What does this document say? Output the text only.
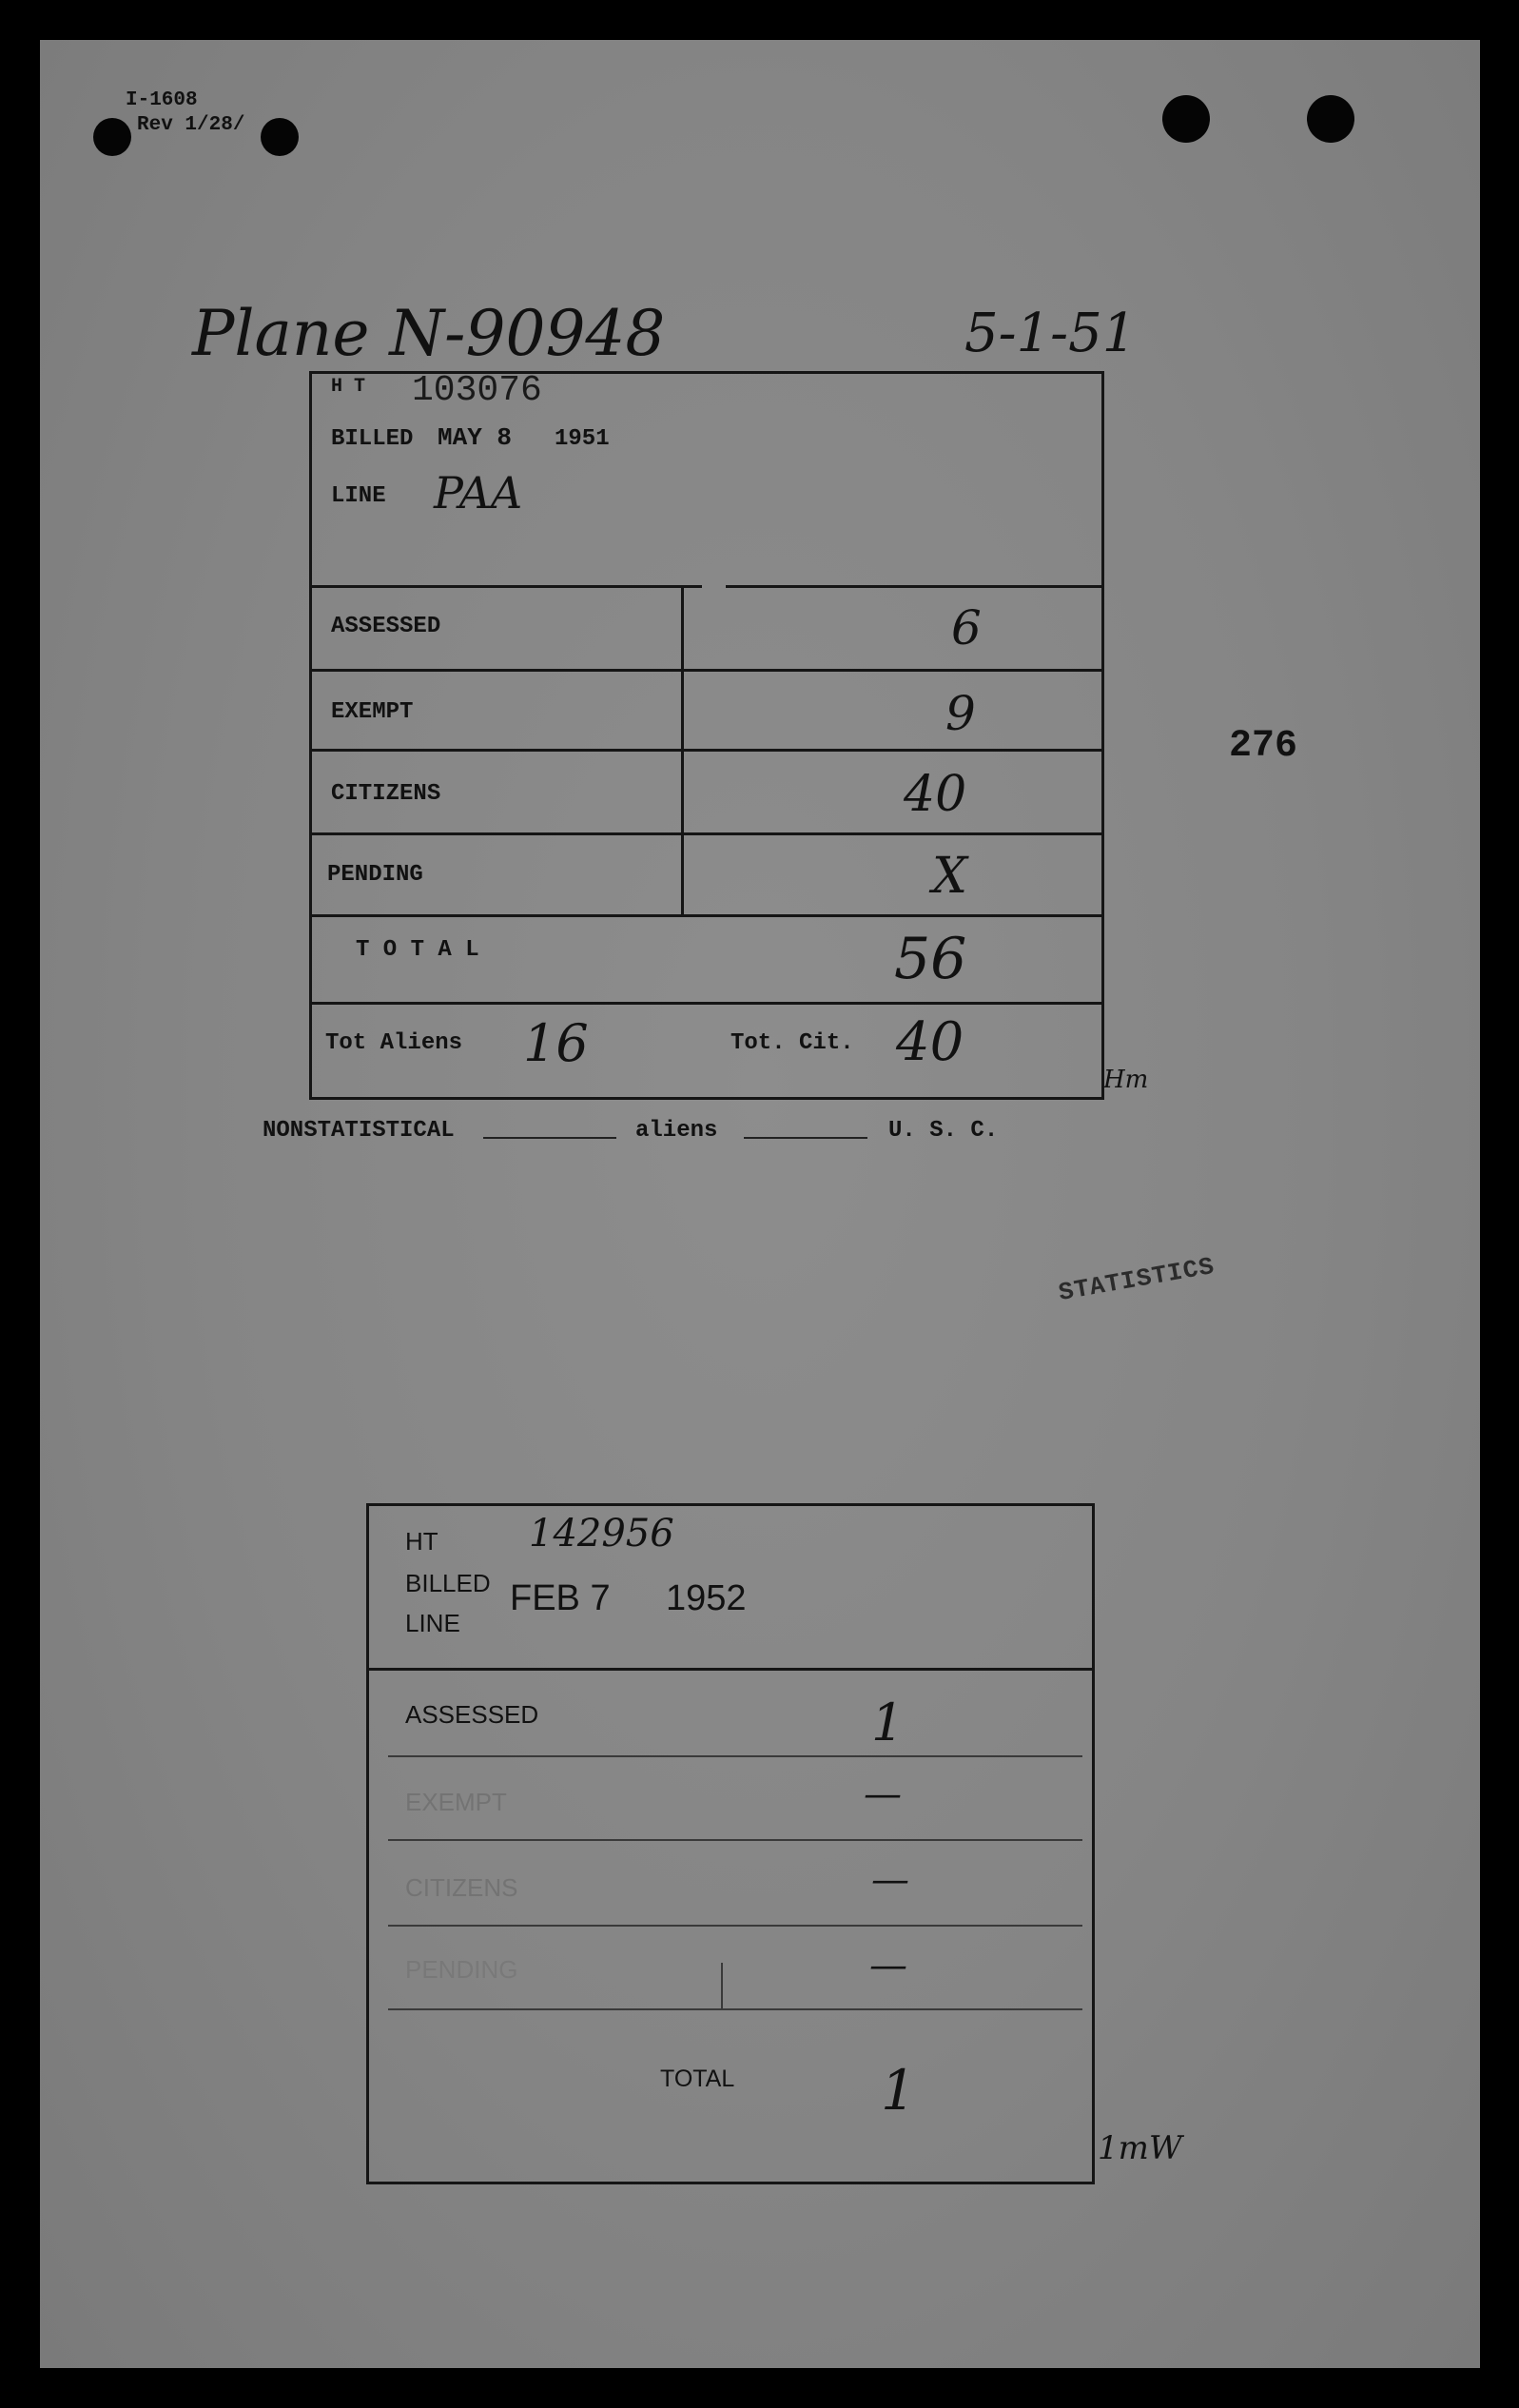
I-1608
Rev 1/28/
Plane N-90948	5-1-51
276
H T 103076
BILLED MAY 8 1951
LINE PAA
ASSESSED	6
EXEMPT	9
CITIZENS	40
PENDING	X
T O T A L	56
Tot Aliens 16	Tot. Cit. 40
Hm
NONSTATISTICAL	aliens	U. S. C.
STATISTICS
HT 142956
BILLED
LINE
FEB 7 1952
ASSESSED	1
EXEMPT	—
CITIZENS	—
PENDING	—
TOTAL	1
1mW
